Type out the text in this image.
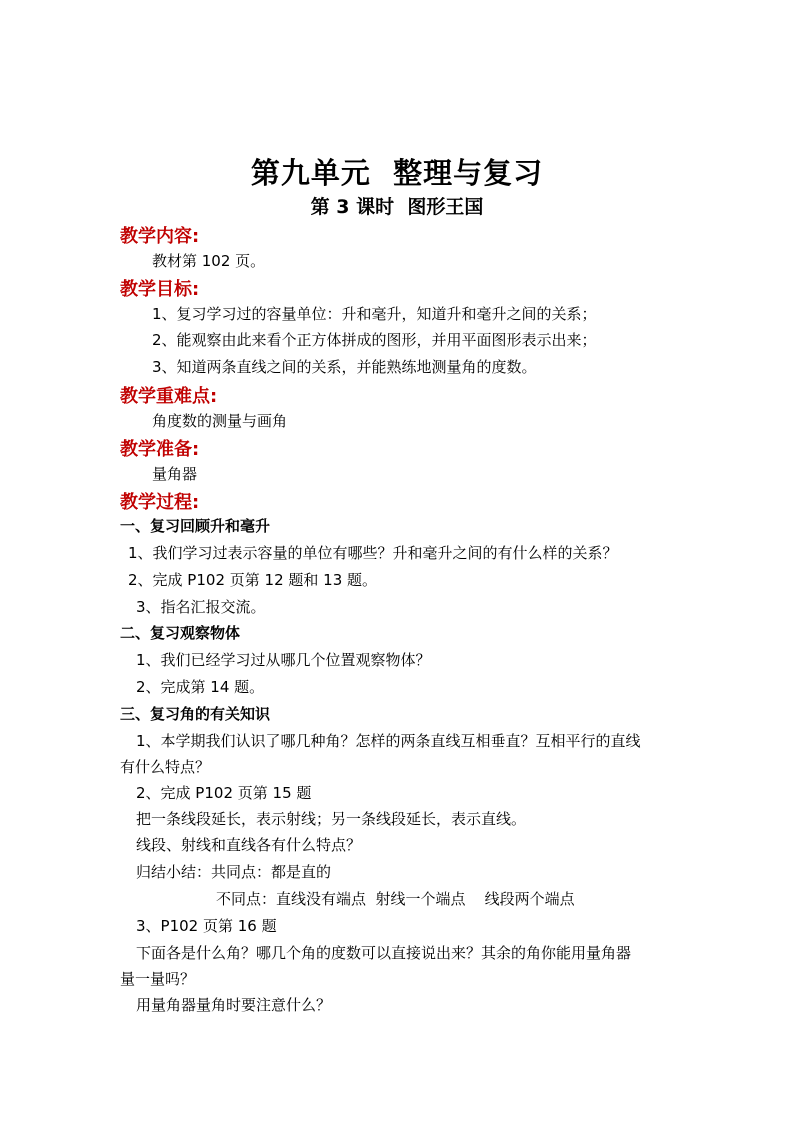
第九单元  整理与复习
第 3 课时  图形王国
教学内容:
教材第 102 页。
教学目标:
1、复习学习过的容量单位：升和毫升，知道升和毫升之间的关系；
2、能观察由此来看个正方体拼成的图形，并用平面图形表示出来；
3、知道两条直线之间的关系，并能熟练地测量角的度数。
教学重难点:
角度数的测量与画角
教学准备:
量角器
教学过程:
一、复习回顾升和毫升
1、我们学习过表示容量的单位有哪些？升和毫升之间的有什么样的关系？
2、完成 P102 页第 12 题和 13 题。
3、指名汇报交流。
二、复习观察物体
1、我们已经学习过从哪几个位置观察物体？
2、完成第 14 题。
三、复习角的有关知识
1、本学期我们认识了哪几种角？怎样的两条直线互相垂直？互相平行的直线
有什么特点？
2、完成 P102 页第 15 题
把一条线段延长，表示射线；另一条线段延长，表示直线。
线段、射线和直线各有什么特点？
归结小结：共同点：都是直的
不同点：直线没有端点  射线一个端点    线段两个端点
3、P102 页第 16 题
下面各是什么角？哪几个角的度数可以直接说出来？其余的角你能用量角器
量一量吗？
用量角器量角时要注意什么？
